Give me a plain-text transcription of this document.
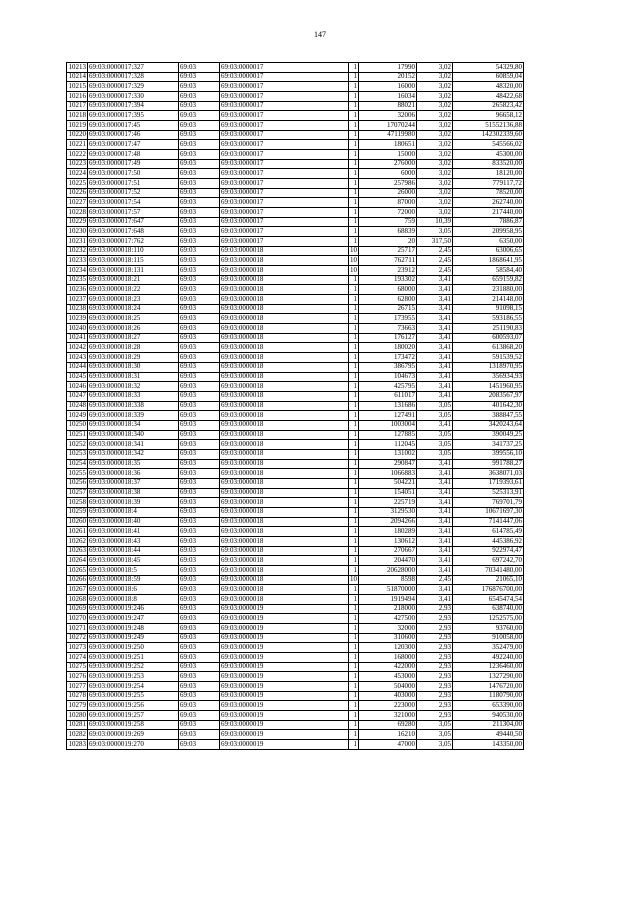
147
10213	69:03:0000017:327	69:03	69:03:0000017	1	17990	3,02	54329,80
10214	69:03:0000017:328	69:03	69:03:0000017	1	20152	3,02	60859,04
10215	69:03:0000017:329	69:03	69:03:0000017	1	16000	3,02	48320,00
10216	69:03:0000017:330	69:03	69:03:0000017	1	16034	3,02	48422,68
10217	69:03:0000017:394	69:03	69:03:0000017	1	88021	3,02	265823,42
10218	69:03:0000017:395	69:03	69:03:0000017	1	32006	3,02	96658,12
10219	69:03:0000017:45	69:03	69:03:0000017	1	17070244	3,02	51552136,88
10220	69:03:0000017:46	69:03	69:03:0000017	1	47119980	3,02	142302339,60
10221	69:03:0000017:47	69:03	69:03:0000017	1	180651	3,02	545566,02
10222	69:03:0000017:48	69:03	69:03:0000017	1	15000	3,02	45300,00
10223	69:03:0000017:49	69:03	69:03:0000017	1	276000	3,02	833520,00
10224	69:03:0000017:50	69:03	69:03:0000017	1	6000	3,02	18120,00
10225	69:03:0000017:51	69:03	69:03:0000017	1	257986	3,02	779117,72
10226	69:03:0000017:52	69:03	69:03:0000017	1	26000	3,02	78520,00
10227	69:03:0000017:54	69:03	69:03:0000017	1	87000	3,02	262740,00
10228	69:03:0000017:57	69:03	69:03:0000017	1	72000	3,02	217440,00
10229	69:03:0000017:647	69:03	69:03:0000017	1	759	10,39	7886,87
10230	69:03:0000017:648	69:03	69:03:0000017	1	68839	3,05	209958,95
10231	69:03:0000017:762	69:03	69:03:0000017	1	20	317,50	6350,00
10232	69:03:0000018:110	69:03	69:03:0000018	10	25717	2,45	63006,65
10233	69:03:0000018:115	69:03	69:03:0000018	10	762711	2,45	1868641,95
10234	69:03:0000018:131	69:03	69:03:0000018	10	23912	2,45	58584,40
10235	69:03:0000018:21	69:03	69:03:0000018	1	193302	3,41	659159,82
10236	69:03:0000018:22	69:03	69:03:0000018	1	68000	3,41	231880,00
10237	69:03:0000018:23	69:03	69:03:0000018	1	62800	3,41	214148,00
10238	69:03:0000018:24	69:03	69:03:0000018	1	26715	3,41	91098,15
10239	69:03:0000018:25	69:03	69:03:0000018	1	173955	3,41	593186,55
10240	69:03:0000018:26	69:03	69:03:0000018	1	73663	3,41	251190,83
10241	69:03:0000018:27	69:03	69:03:0000018	1	176127	3,41	600593,07
10242	69:03:0000018:28	69:03	69:03:0000018	1	180020	3,41	613868,20
10243	69:03:0000018:29	69:03	69:03:0000018	1	173472	3,41	591539,52
10244	69:03:0000018:30	69:03	69:03:0000018	1	386795	3,41	1318970,95
10245	69:03:0000018:31	69:03	69:03:0000018	1	104673	3,41	356934,93
10246	69:03:0000018:32	69:03	69:03:0000018	1	425795	3,41	1451960,95
10247	69:03:0000018:33	69:03	69:03:0000018	1	611017	3,41	2083567,97
10248	69:03:0000018:338	69:03	69:03:0000018	1	131686	3,05	401642,30
10249	69:03:0000018:339	69:03	69:03:0000018	1	127491	3,05	388847,55
10250	69:03:0000018:34	69:03	69:03:0000018	1	1003004	3,41	3420243,64
10251	69:03:0000018:340	69:03	69:03:0000018	1	127885	3,05	390049,25
10252	69:03:0000018:341	69:03	69:03:0000018	1	112045	3,05	341737,25
10253	69:03:0000018:342	69:03	69:03:0000018	1	131002	3,05	399556,10
10254	69:03:0000018:35	69:03	69:03:0000018	1	290847	3,41	991788,27
10255	69:03:0000018:36	69:03	69:03:0000018	1	1066883	3,41	3638071,03
10256	69:03:0000018:37	69:03	69:03:0000018	1	504221	3,41	1719393,61
10257	69:03:0000018:38	69:03	69:03:0000018	1	154051	3,41	525313,91
10258	69:03:0000018:39	69:03	69:03:0000018	1	225719	3,41	769701,79
10259	69:03:0000018:4	69:03	69:03:0000018	1	3129530	3,41	10671697,30
10260	69:03:0000018:40	69:03	69:03:0000018	1	2094266	3,41	7141447,06
10261	69:03:0000018:41	69:03	69:03:0000018	1	180289	3,41	614785,49
10262	69:03:0000018:43	69:03	69:03:0000018	1	130612	3,41	445386,92
10263	69:03:0000018:44	69:03	69:03:0000018	1	270667	3,41	922974,47
10264	69:03:0000018:45	69:03	69:03:0000018	1	204470	3,41	697242,70
10265	69:03:0000018:5	69:03	69:03:0000018	1	20628000	3,41	70341480,00
10266	69:03:0000018:59	69:03	69:03:0000018	10	8598	2,45	21065,10
10267	69:03:0000018:6	69:03	69:03:0000018	1	51870000	3,41	176876700,00
10268	69:03:0000018:8	69:03	69:03:0000018	1	1919494	3,41	6545474,54
10269	69:03:0000019:246	69:03	69:03:0000019	1	218000	2,93	638740,00
10270	69:03:0000019:247	69:03	69:03:0000019	1	427500	2,93	1252575,00
10271	69:03:0000019:248	69:03	69:03:0000019	1	32000	2,93	93760,00
10272	69:03:0000019:249	69:03	69:03:0000019	1	310600	2,93	910058,00
10273	69:03:0000019:250	69:03	69:03:0000019	1	120300	2,93	352479,00
10274	69:03:0000019:251	69:03	69:03:0000019	1	168000	2,93	492240,00
10275	69:03:0000019:252	69:03	69:03:0000019	1	422000	2,93	1236460,00
10276	69:03:0000019:253	69:03	69:03:0000019	1	453000	2,93	1327290,00
10277	69:03:0000019:254	69:03	69:03:0000019	1	504000	2,93	1476720,00
10278	69:03:0000019:255	69:03	69:03:0000019	1	403000	2,93	1180790,00
10279	69:03:0000019:256	69:03	69:03:0000019	1	223000	2,93	653390,00
10280	69:03:0000019:257	69:03	69:03:0000019	1	321000	2,93	940530,00
10281	69:03:0000019:258	69:03	69:03:0000019	1	69280	3,05	211304,00
10282	69:03:0000019:269	69:03	69:03:0000019	1	16210	3,05	49440,50
10283	69:03:0000019:270	69:03	69:03:0000019	1	47000	3,05	143350,00
